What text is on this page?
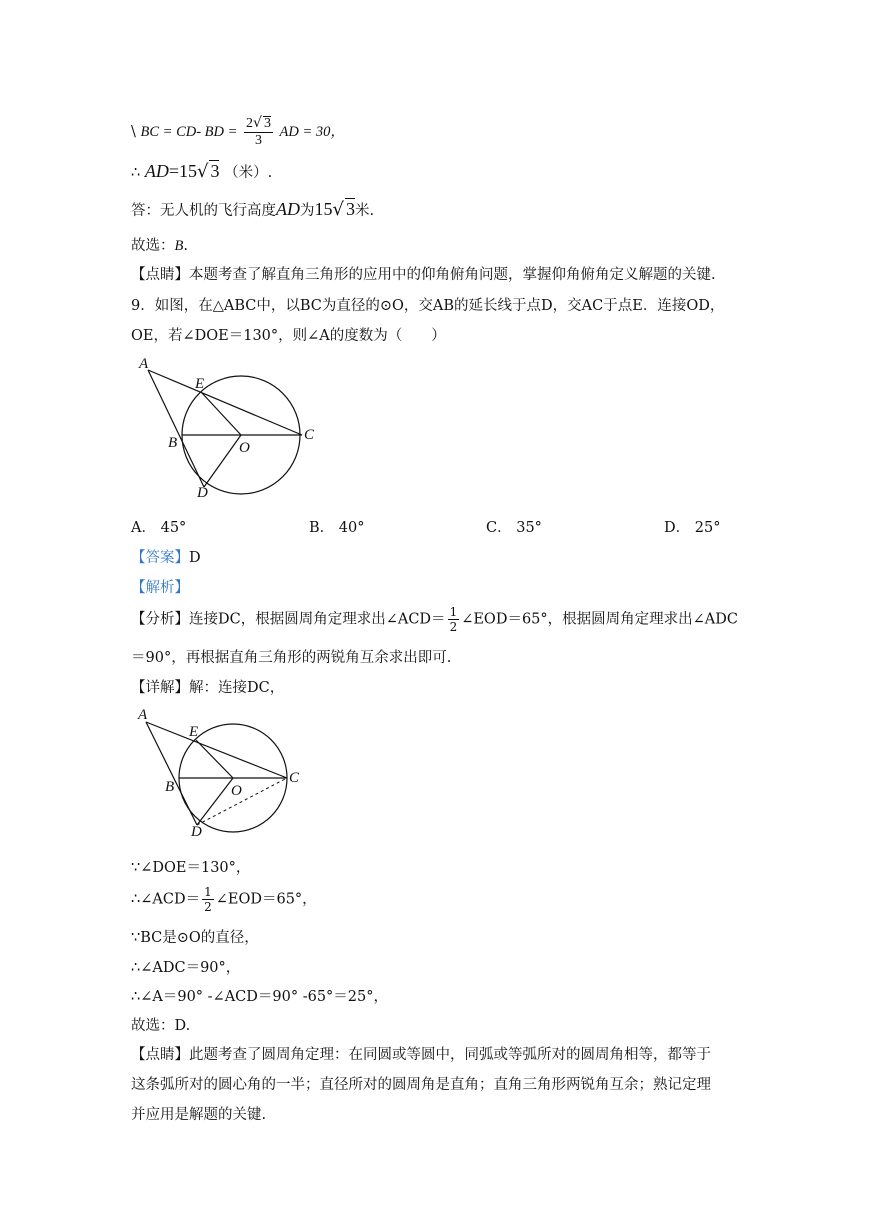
\ BC = CD- BD = $\frac{2√ 3}{3}$ AD = 30，
∴ AD=15√ 3 （米）.
答：无人机的飞行高度AD为15√ 3米.
故选：B.
【点睛】本题考查了解直角三角形的应用中的仰角俯角问题，掌握仰角俯角定义解题的关键.
9．如图，在△ABC中，以BC为直径的⊙O，交AB的延长线于点D，交AC于点E．连接OD，
OE，若∠DOE＝130°，则∠A的度数为（　　）
A
E
B	O
C
D
A． 45°	B． 40°	C． 35°	D． 25°
【答案】D
【解析】
【分析】连接DC，根据圆周角定理求出∠ACD＝ $\frac{1}{2}$ ∠EOD＝65°，根据圆周角定理求出∠ADC
＝90°，再根据直角三角形的两锐角互余求出即可.
【详解】解：连接DC，
A
E
B	O
C
D
∵∠DOE＝130°，
∴∠ACD＝ $\frac{1}{2}$ ∠EOD＝65°，
∵BC是⊙O的直径，
∴∠ADC＝90°，
∴∠A＝90° -∠ACD＝90° -65°＝25°，
故选：D.
【点睛】此题考查了圆周角定理：在同圆或等圆中，同弧或等弧所对的圆周角相等，都等于
这条弧所对的圆心角的一半；直径所对的圆周角是直角；直角三角形两锐角互余；熟记定理
并应用是解题的关键.
